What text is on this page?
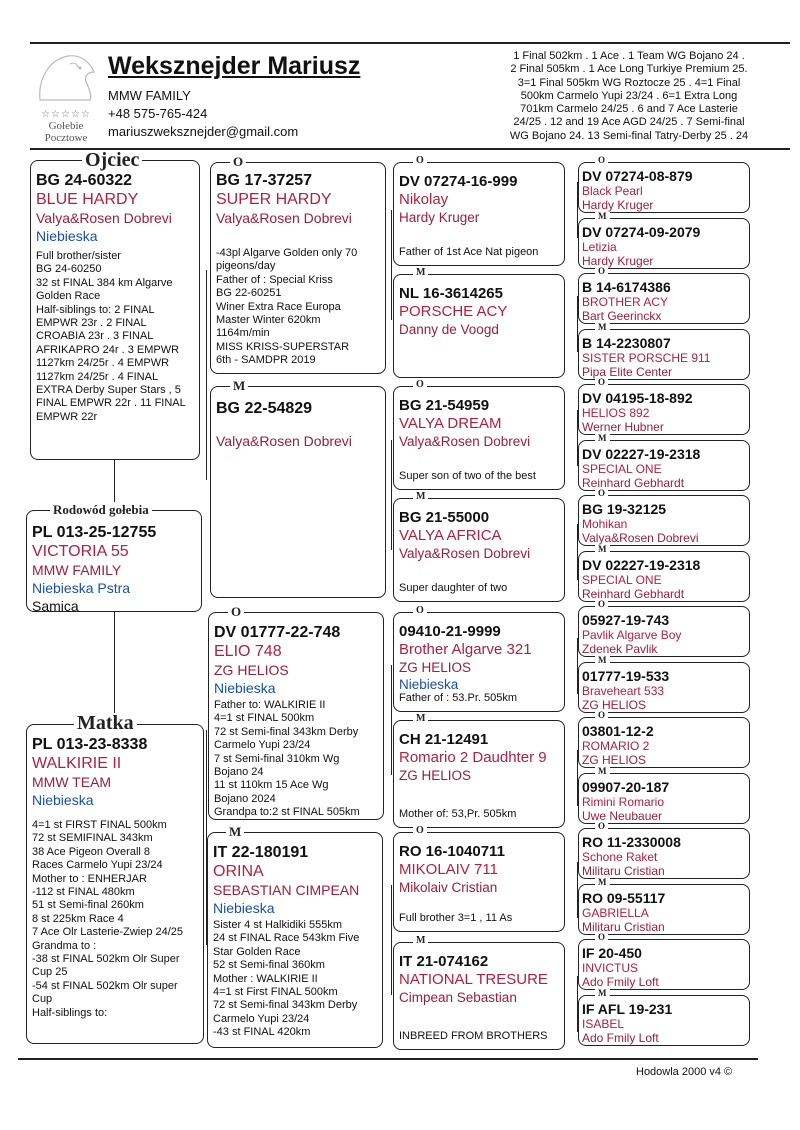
☆☆☆☆☆
Gołebie
Pocztowe
Weksznejder Mariusz
MMW FAMILY
+48 575-765-424
mariuszweksznejder@gmail.com
1 Final 502km . 1 Ace . 1 Team WG Bojano 24 .
2 Final 505km . 1 Ace Long Turkiye Premium 25.
3=1 Final 505km WG Roztocze 25 . 4=1 Final
500km Carmelo Yupi 23/24 . 6=1 Extra Long
701km Carmelo 24/25 . 6 and 7 Ace Lasterie
24/25 . 12 and 19 Ace AGD 24/25 . 7 Semi-final
WG Bojano 24. 13 Semi-final Tatry-Derby 25 . 24
BG 24-60322
BLUE HARDY
Valya&Rosen Dobrevi
Niebieska
Full brother/sister
BG 24-60250
32 st FINAL 384 km Algarve
Golden Race
Half-siblings to: 2 FINAL
EMPWR 23r . 2 FINAL
CROABIA 23r . 3 FINAL
AFRIKAPRO 24r . 3 EMPWR
1127km 24/25r . 4 EMPWR
1127km 24/25r . 4 FINAL
EXTRA Derby Super Stars , 5
FINAL EMPWR 22r . 11 FINAL
EMPWR 22r
Ojciec
PL 013-25-12755
VICTORIA 55
MMW FAMILY
Niebieska Pstra
Samica
Rodowód gołebia
PL 013-23-8338
WALKIRIE II
MMW TEAM
Niebieska
4=1 st FIRST FINAL 500km
72 st SEMIFINAL 343km
38 Ace Pigeon Overall 8
Races Carmelo Yupi 23/24
Mother to : ENHERJAR
-112 st FINAL 480km
51 st Semi-final 260km
8 st 225km Race 4
7 Ace Olr Lasterie-Zwiep 24/25
Grandma to :
-38 st FINAL 502km Olr Super
Cup 25
-54 st FINAL 502km Olr super
Cup
Half-siblings to:
Matka
BG 17-37257
SUPER HARDY
Valya&Rosen Dobrevi
-43pl Algarve Golden only 70
pigeons/day
Father of : Special Kriss
BG 22-60251
Winer Extra Race Europa
Master Winter 620km
1164m/min
MISS KRISS-SUPERSTAR
6th - SAMDPR 2019
O
BG 22-54829
Valya&Rosen Dobrevi
M
DV 01777-22-748
ELIO 748
ZG HELIOS
Niebieska
Father to: WALKIRIE II
4=1 st FINAL 500km
72 st Semi-final 343km Derby
Carmelo Yupi 23/24
7 st Semi-final 310km Wg
Bojano 24
11 st 110km 15 Ace Wg
Bojano 2024
Grandpa to:2 st FINAL 505km
O
IT 22-180191
ORINA
SEBASTIAN CIMPEAN
Niebieska
Sister 4 st Halkidiki 555km
24 st FINAL Race 543km Five
Star Golden Race
52 st Semi-final 360km
Mother : WALKIRIE II
4=1 st First FINAL 500km
72 st Semi-final 343km Derby
Carmelo Yupi 23/24
-43 st FINAL 420km
M
DV 07274-16-999
Nikolay
Hardy Kruger
Father of 1st Ace Nat pigeon
O
NL 16-3614265
PORSCHE ACY
Danny de Voogd
M
BG 21-54959
VALYA DREAM
Valya&Rosen Dobrevi
Super son of two of the best
O
BG 21-55000
VALYA AFRICA
Valya&Rosen Dobrevi
Super daughter of two
M
09410-21-9999
Brother Algarve 321
ZG HELIOS
Niebieska
Father of : 53.Pr. 505km
O
CH 21-12491
Romario 2 Daudhter 9
ZG HELIOS
Mother of: 53,Pr. 505km
M
RO 16-1040711
MIKOLAIV 711
Mikolaiv Cristian
Full brother 3=1 , 11 As
O
IT 21-074162
NATIONAL TRESURE
Cimpean Sebastian
INBREED FROM BROTHERS
M
DV 07274-08-879
Black Pearl
Hardy Kruger
O
DV 07274-09-2079
Letizia
Hardy Kruger
M
B 14-6174386
BROTHER ACY
Bart Geerinckx
O
B 14-2230807
SISTER PORSCHE 911
Pipa Elite Center
M
DV 04195-18-892
HELIOS 892
Werner Hubner
O
DV 02227-19-2318
SPECIAL ONE
Reinhard Gebhardt
M
BG 19-32125
Mohikan
Valya&Rosen Dobrevi
O
DV 02227-19-2318
SPECIAL ONE
Reinhard Gebhardt
M
05927-19-743
Pavlik Algarve Boy
Zdenek Pavlik
O
01777-19-533
Braveheart 533
ZG HELIOS
M
03801-12-2
ROMARIO 2
ZG HELIOS
O
09907-20-187
Rimini Romario
Uwe Neubauer
M
RO 11-2330008
Schone Raket
Militaru Cristian
O
RO 09-55117
GABRIELLA
Militaru Cristian
M
IF 20-450
INVICTUS
Ado Fmily Loft
O
IF AFL 19-231
ISABEL
Ado Fmily Loft
M
Hodowla 2000 v4 ©
